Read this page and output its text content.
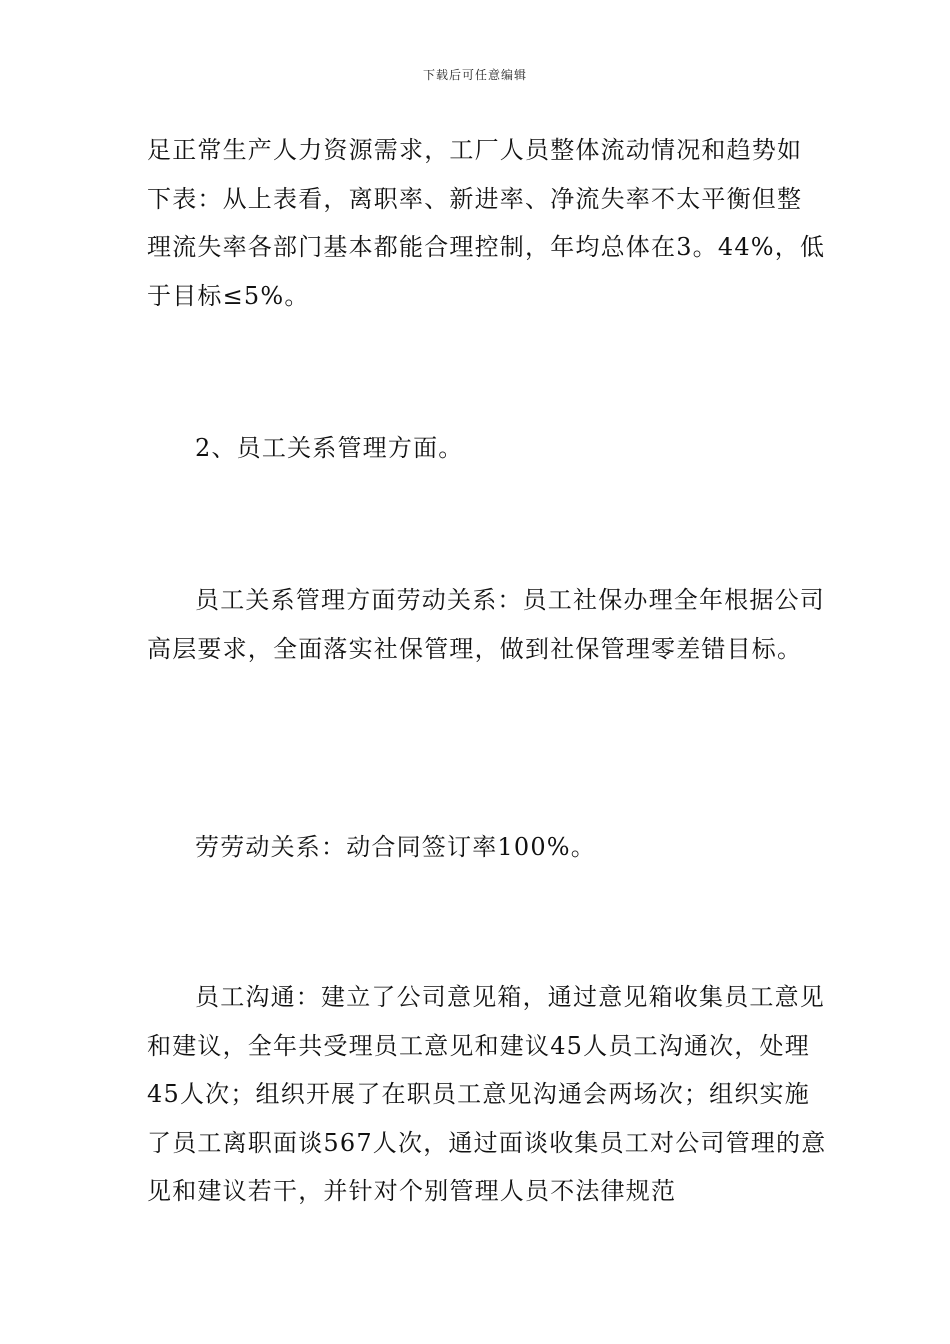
下载后可任意编辑

足正常生产人力资源需求，工厂人员整体流动情况和趋势如下表：从上表看，离职率、新进率、净流失率不太平衡但整理流失率各部门基本都能合理控制，年均总体在3。44%，低于目标≤5%。

2、员工关系管理方面。

员工关系管理方面劳动关系：员工社保办理全年根据公司高层要求，全面落实社保管理，做到社保管理零差错目标。

劳劳动关系：动合同签订率100%。

员工沟通：建立了公司意见箱，通过意见箱收集员工意见和建议，全年共受理员工意见和建议45人员工沟通次，处理45人次；组织开展了在职员工意见沟通会两场次；组织实施了员工离职面谈567人次，通过面谈收集员工对公司管理的意见和建议若干，并针对个别管理人员不法律规范
